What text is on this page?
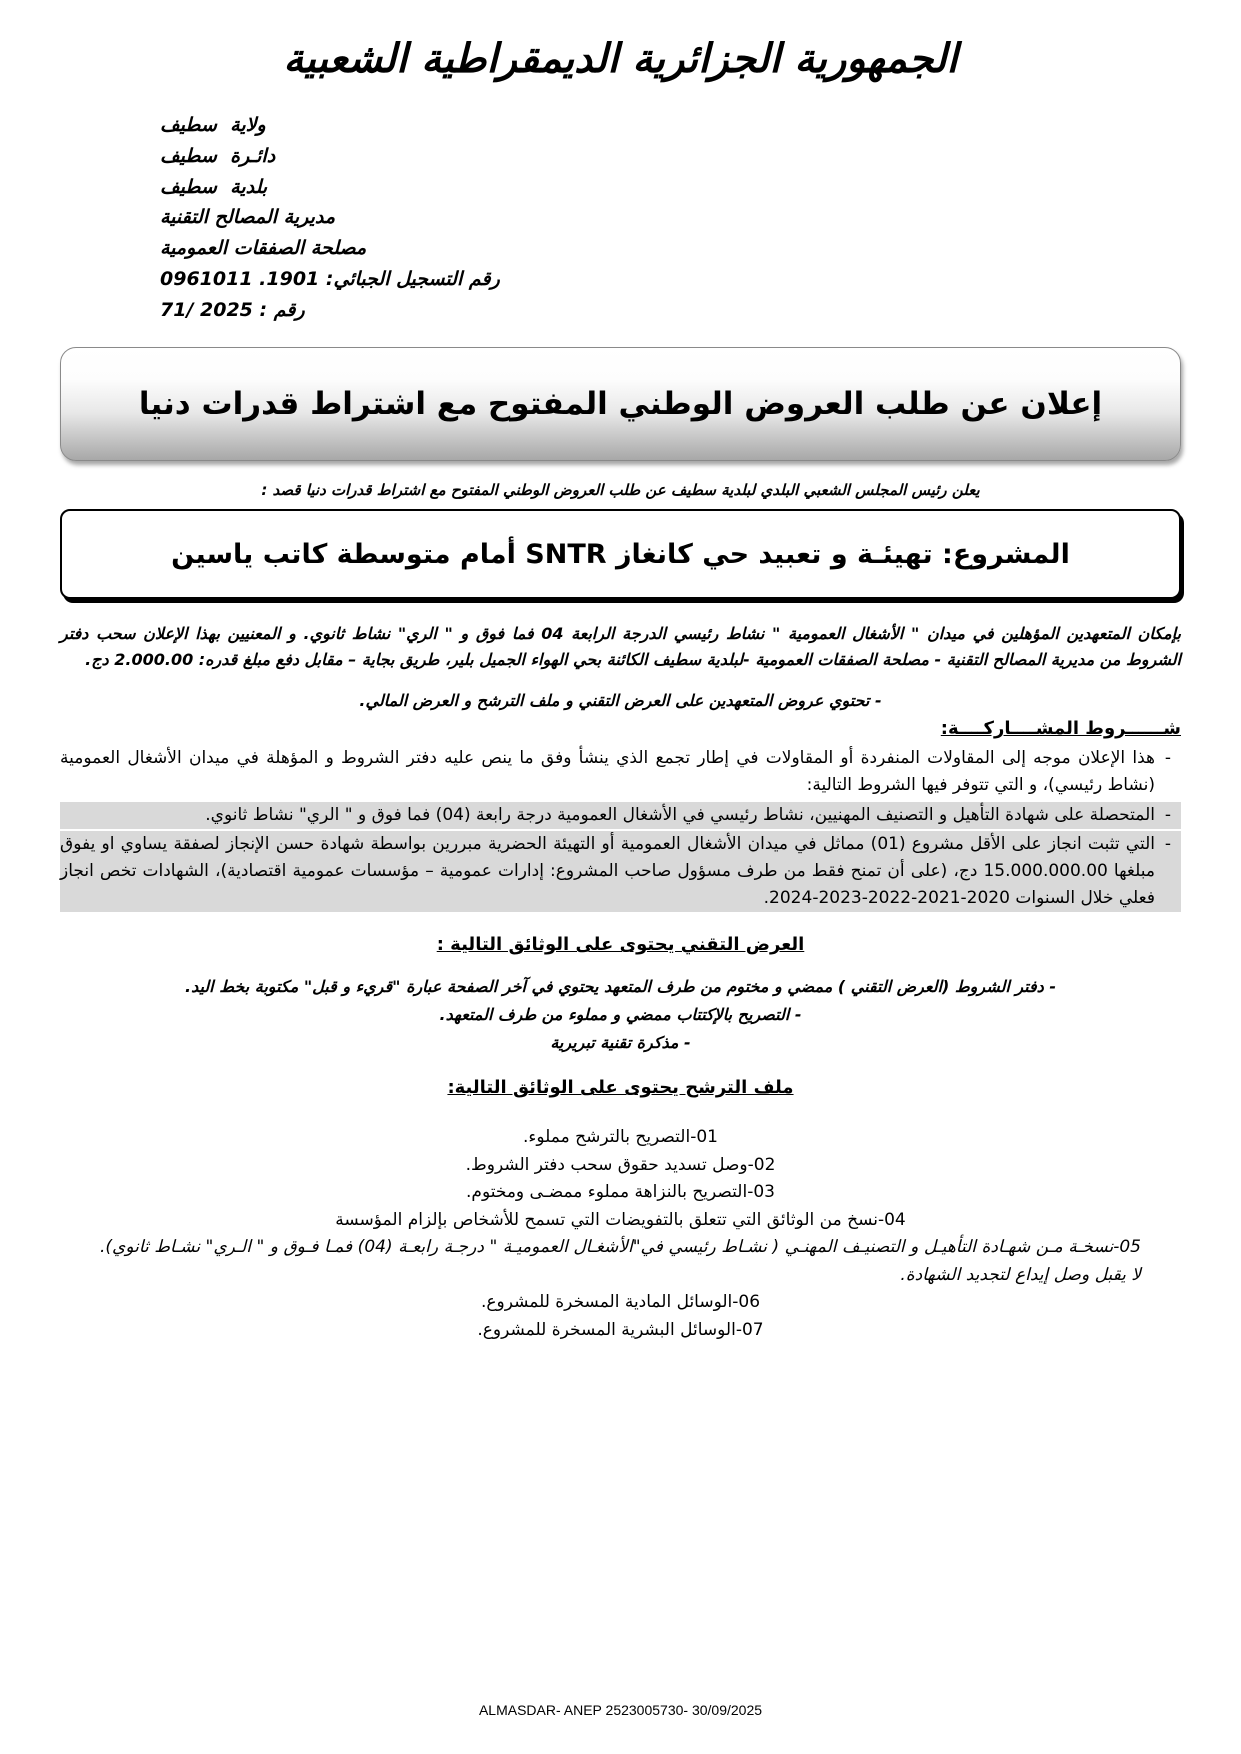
الجمهورية الجزائرية الديمقراطية الشعبية
ولاية  سطيف
دائـرة  سطيف
بلدية  سطيف
مديرية المصالح التقنية
مصلحة الصفقات العمومية
رقم التسجيل الجبائي: 1901. 0961011
رقم : 2025 /71
إعلان عن طلب العروض الوطني المفتوح مع اشتراط قدرات دنيا
يعلن رئيس المجلس الشعبي البلدي لبلدية سطيف عن طلب العروض الوطني المفتوح مع اشتراط قدرات دنيا قصد :
المشروع: تهيئـة و تعبيد حي كانغاز SNTR أمام متوسطة كاتب ياسين

بإمكان المتعهدين المؤهلين في ميدان " الأشغال العمومية " نشاط رئيسي الدرجة الرابعة 04 فما فوق و " الري" نشاط ثانوي. و المعنيين بهذا الإعلان سحب دفتر الشروط من مديرية المصالح التقنية - مصلحة الصفقات العمومية -لبلدية سطيف الكائنة بحي الهواء الجميل بلير، طريق بجاية – مقابل دفع مبلغ قدره: 2.000.00 دج.

- تحتوي عروض المتعهدين على العرض التقني و ملف الترشح و العرض المالي.
شــــــروط المشــــاركــــة:
-
هذا الإعلان موجه إلى المقاولات المنفردة أو المقاولات في إطار تجمع الذي ينشأ وفق ما ينص عليه دفتر الشروط و المؤهلة في ميدان الأشغال العمومية (نشاط رئيسي)، و التي تتوفر فيها الشروط التالية:
-
المتحصلة على شهادة التأهيل و التصنيف المهنيين، نشاط رئيسي في الأشغال العمومية درجة رابعة (04) فما فوق و " الري" نشاط ثانوي.
-
التي تثبت انجاز على الأقل مشروع (01) مماثل في ميدان الأشغال العمومية أو التهيئة الحضرية مبررين بواسطة شهادة حسن الإنجاز لصفقة يساوي او يفوق مبلغها 15.000.000.00 دج، (على أن تمنح فقط من طرف مسؤول صاحب المشروع: إدارات عمومية – مؤسسات عمومية اقتصادية)، الشهادات تخص انجاز فعلي خلال السنوات 2020-2021-2022-2023-2024.
العرض التقني يحتوى على الوثائق التالية :
- دفتر الشروط (العرض التقني ) ممضي و مختوم من طرف المتعهد يحتوي في آخر الصفحة عبارة "قريء و قبل" مكتوبة بخط اليد.
- التصريح بالإكتتاب ممضي و مملوء من طرف المتعهد.
- مذكرة تقنية تبريرية
ملف الترشح يحتوى على الوثائق التالية:
01-التصريح بالترشح مملوء.
02-وصل تسديد حقوق سحب دفتر الشروط.
03-التصريح بالنزاهة مملوء ممضـى ومختوم.
04-نسخ من الوثائق التي تتعلق بالتفويضات التي تسمح للأشخاص بإلزام المؤسسة
05-نسخـة مـن شهـادة التأهيـل و التصنيـف المهنـي ( نشـاط رئيسي في"الأشغـال العموميـة " درجـة رابعـة (04) فمـا فـوق و " الـري" نشـاط ثانوي). لا يقبل وصل إيداع لتجديد الشهادة.
06-الوسائل المادية المسخرة للمشروع.
07-الوسائل البشرية المسخرة للمشروع.
ALMASDAR- ANEP 2523005730- 30/09/2025
